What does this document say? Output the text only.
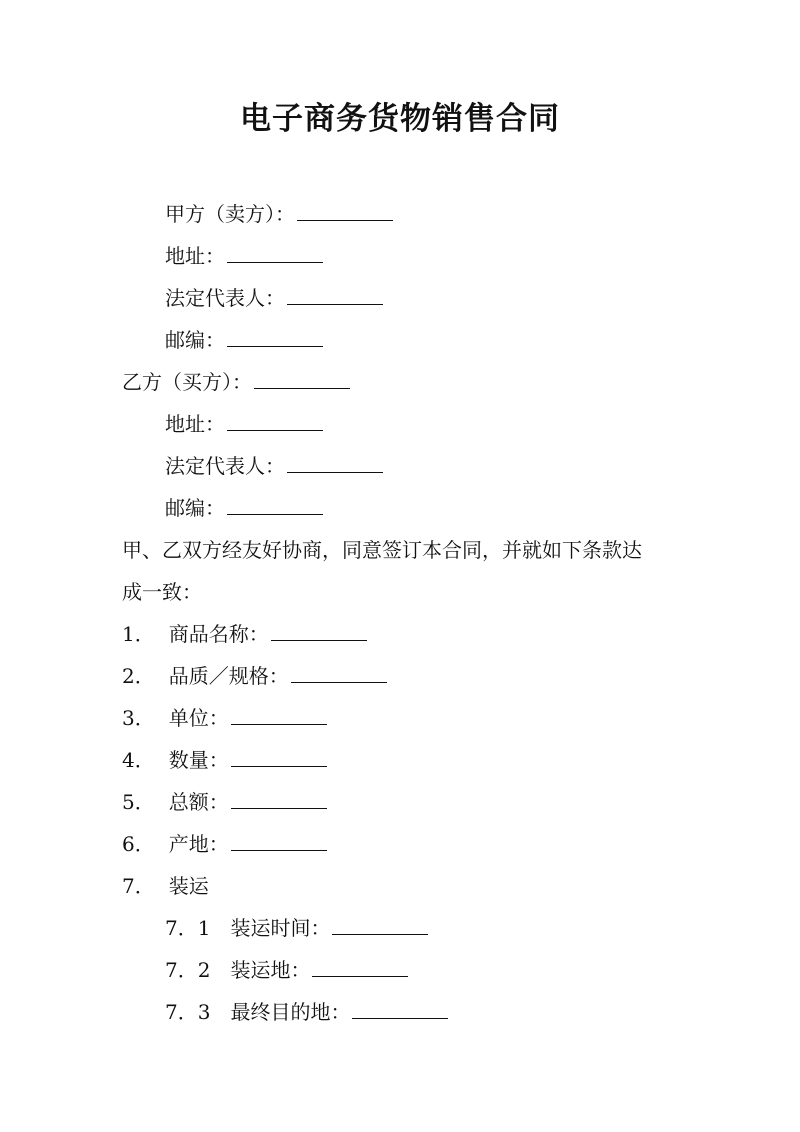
电子商务货物销售合同
甲方（卖方）：
地址：
法定代表人：
邮编：
乙方（买方）：
地址：
法定代表人：
邮编：
甲、乙双方经友好协商，同意签订本合同，并就如下条款达
成一致：
1． 商品名称：
2． 品质／规格：
3． 单位：
4． 数量：
5． 总额：
6． 产地：
7． 装运
7．1 装运时间：
7．2 装运地：
7．3 最终目的地：
